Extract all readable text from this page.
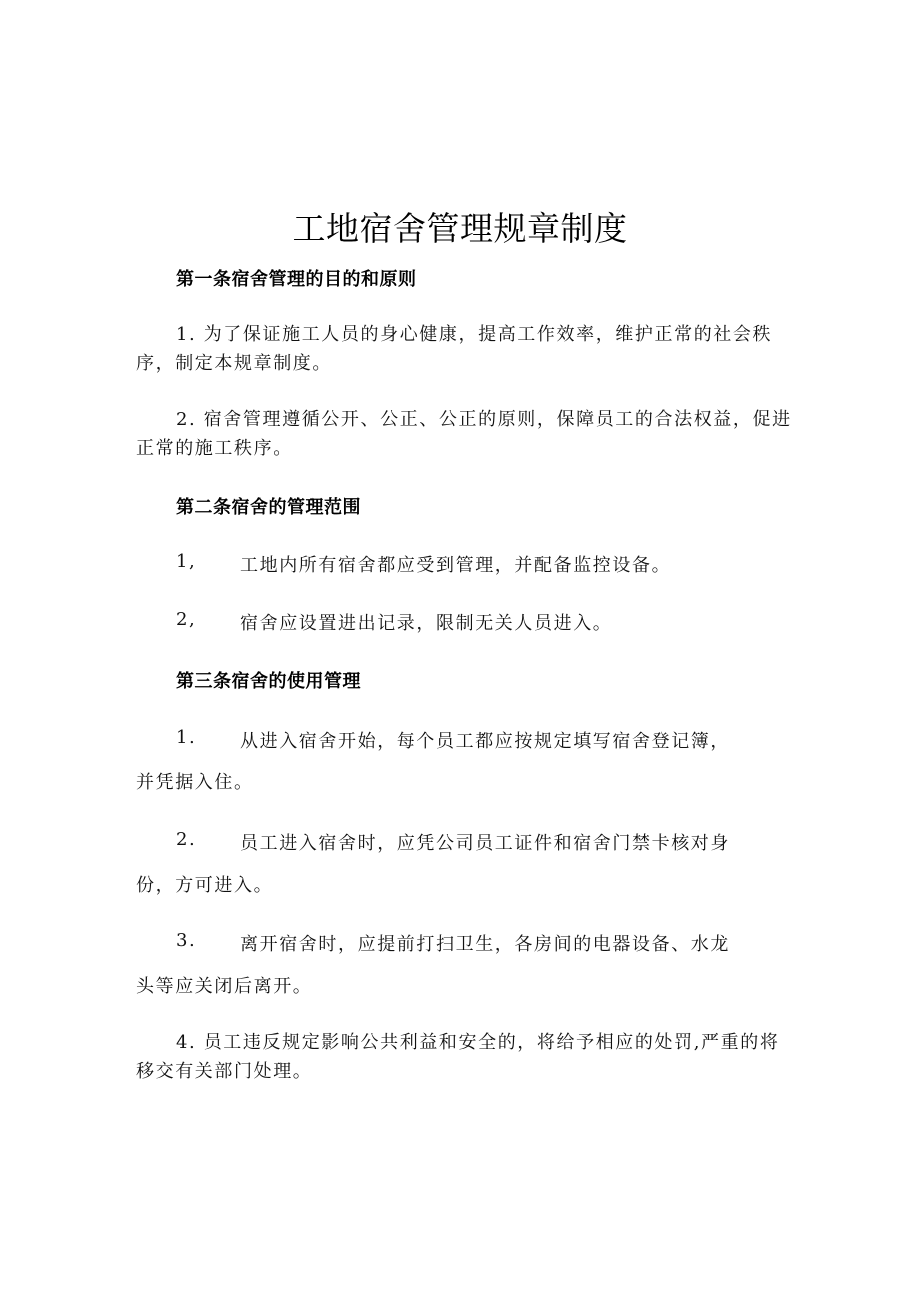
工地宿舍管理规章制度
第一条宿舍管理的目的和原则

1. 为了保证施工人员的身心健康，提高工作效率，维护正常的社会秩序，制定本规章制度。

2. 宿舍管理遵循公开、公正、公正的原则，保障员工的合法权益，促进正常的施工秩序。

第二条宿舍的管理范围
1, 工地内所有宿舍都应受到管理，并配备监控设备。
2, 宿舍应设置进出记录，限制无关人员进入。
第三条宿舍的使用管理
1. 从进入宿舍开始，每个员工都应按规定填写宿舍登记簿，
并凭据入住。
2. 员工进入宿舍时，应凭公司员工证件和宿舍门禁卡核对身
份，方可进入。
3. 离开宿舍时，应提前打扫卫生，各房间的电器设备、水龙
头等应关闭后离开。

4. 员工违反规定影响公共利益和安全的，将给予相应的处罚,严重的将移交有关部门处理。
